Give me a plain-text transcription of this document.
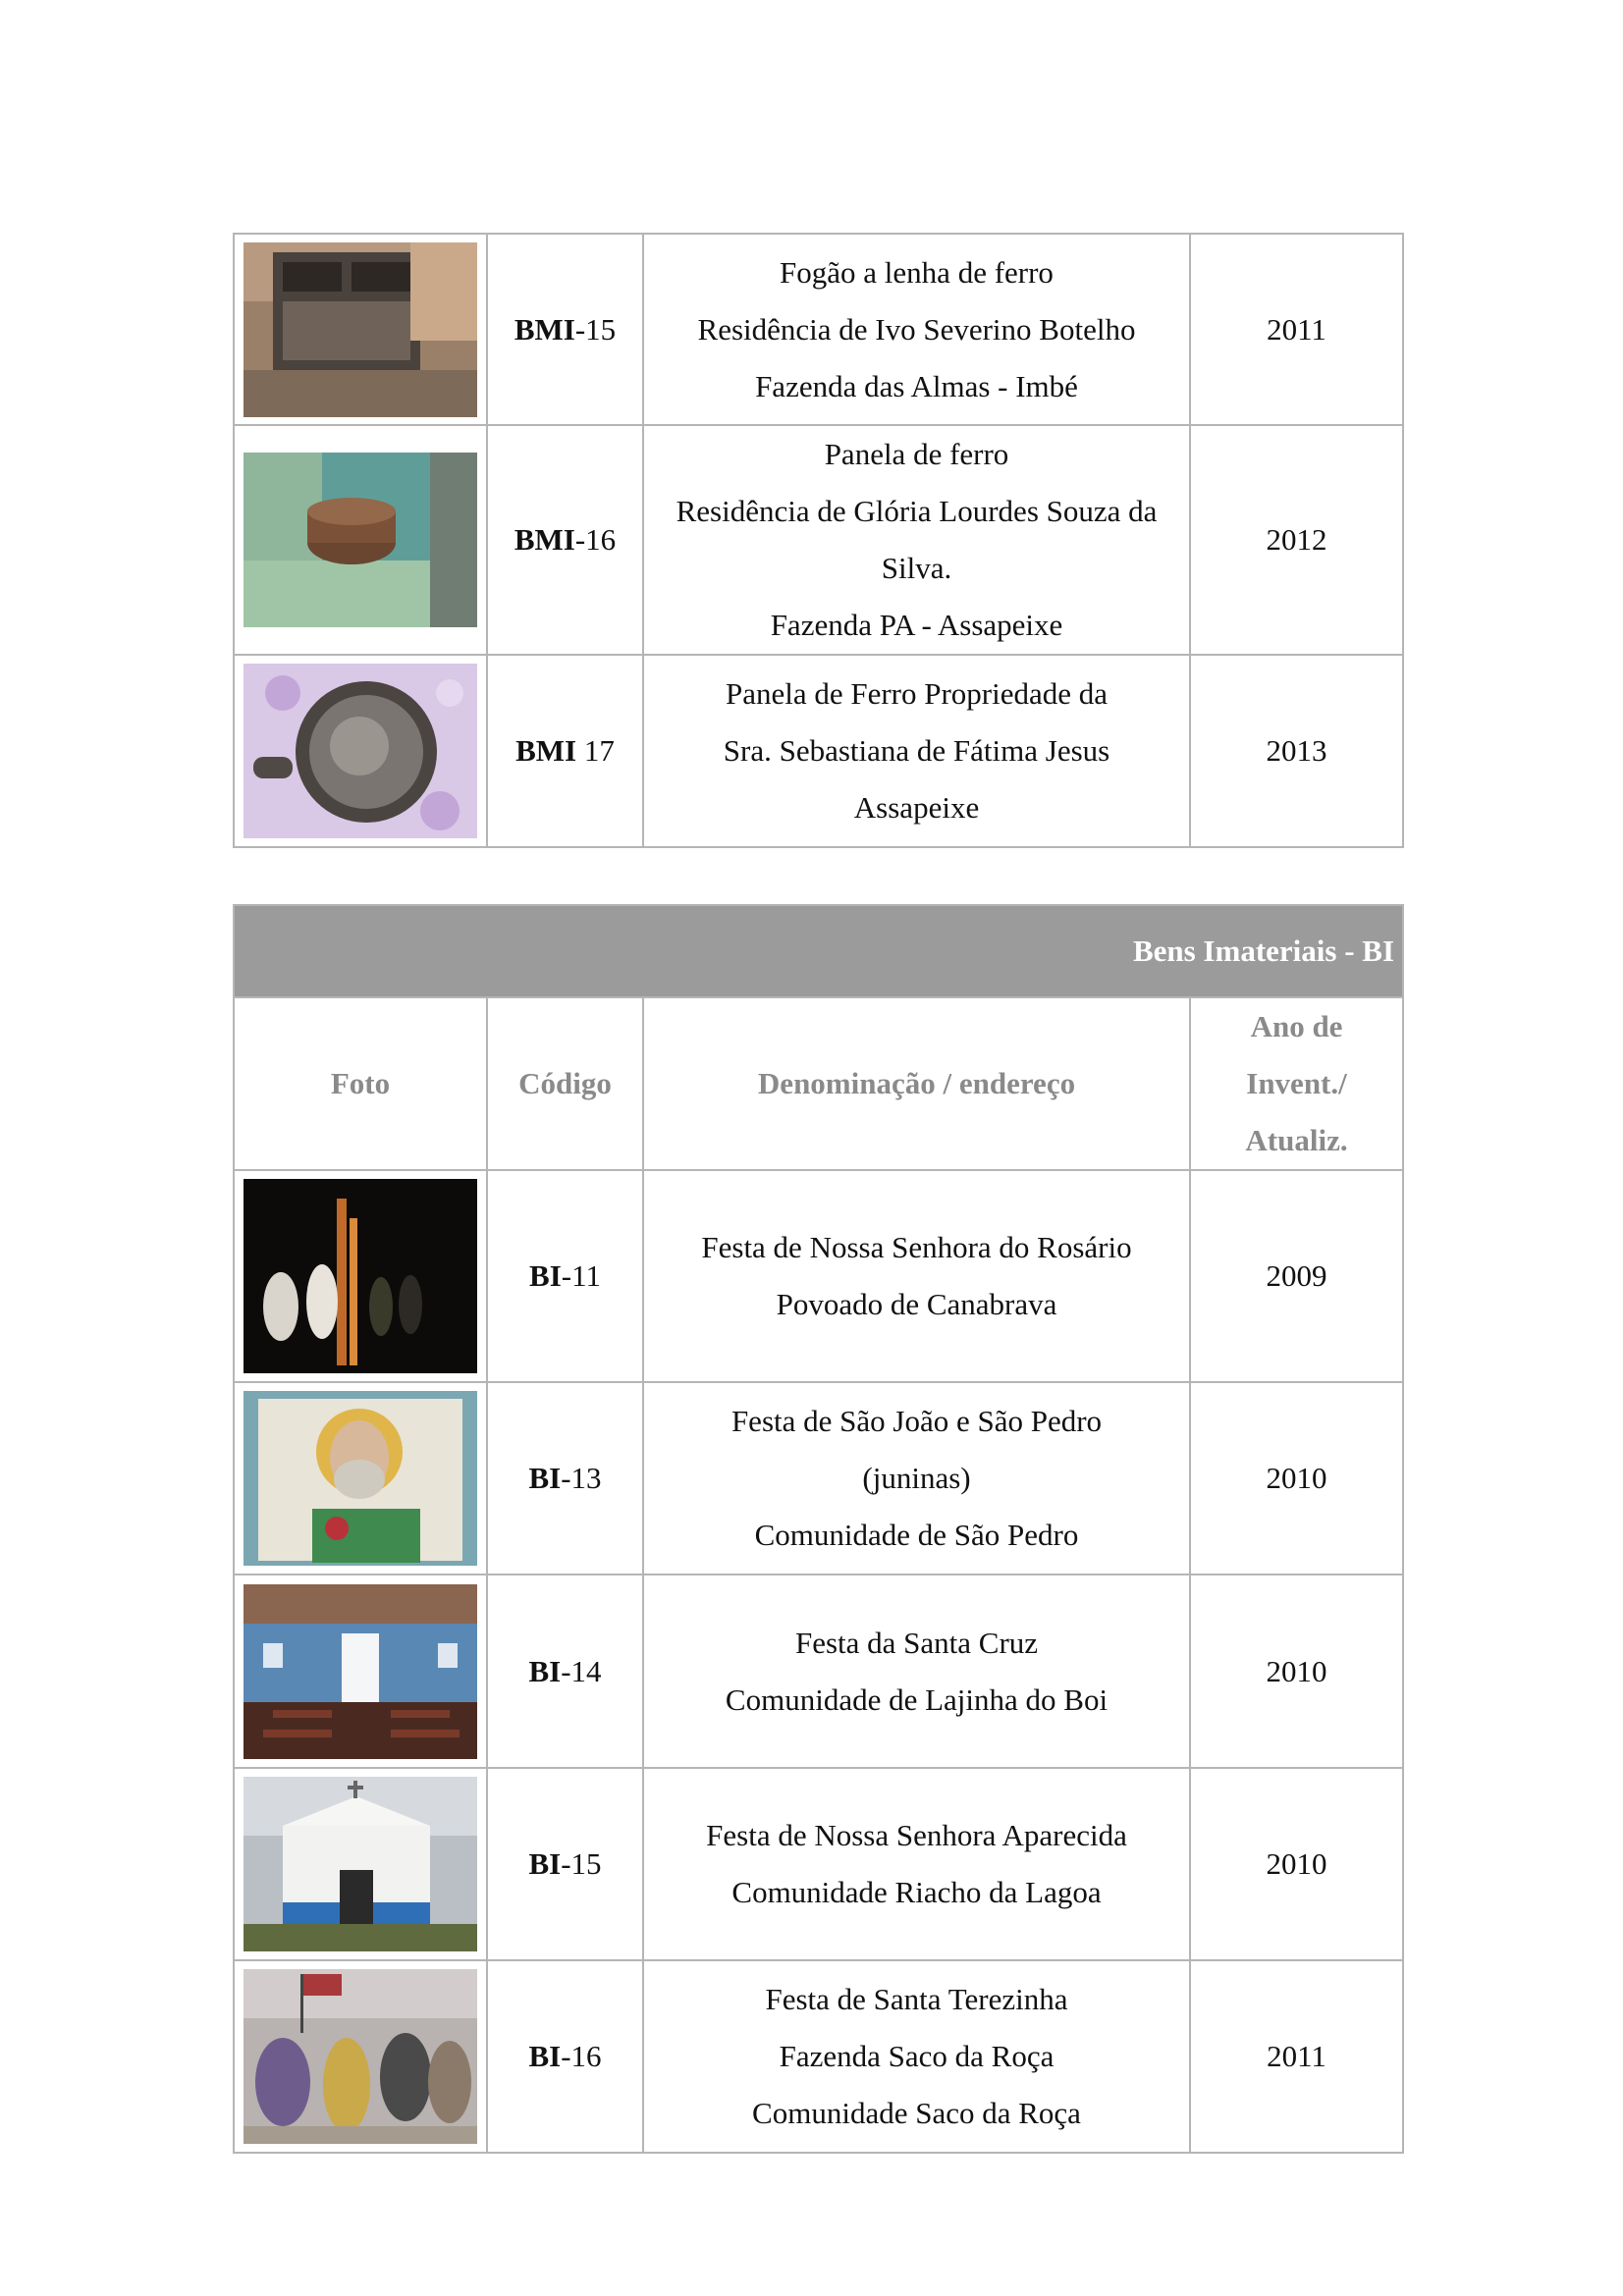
	BMI-15	Fogão a lenha de ferro
Residência de Ivo Severino Botelho
Fazenda das Almas - Imbé	2011

	BMI-16	Panela de ferro
Residência de Glória Lourdes Souza da
Silva.
Fazenda PA - Assapeixe	2012

	BMI 17	Panela de Ferro Propriedade da
Sra. Sebastiana de Fátima Jesus
Assapeixe	2013
Bens Imateriais - BI			
Foto	Código	Denominação / endereço	Ano de
Invent./
Atualiz.

	BI-11	Festa de Nossa Senhora do Rosário
Povoado de Canabrava	2009

	BI-13	Festa de São João e São Pedro
(juninas)
Comunidade de São Pedro	2010

	BI-14	Festa da Santa Cruz
Comunidade de Lajinha do Boi	2010

	BI-15	Festa de Nossa Senhora Aparecida
Comunidade Riacho da Lagoa	2010

	BI-16	Festa de Santa Terezinha
Fazenda Saco da Roça
Comunidade Saco da Roça	2011
